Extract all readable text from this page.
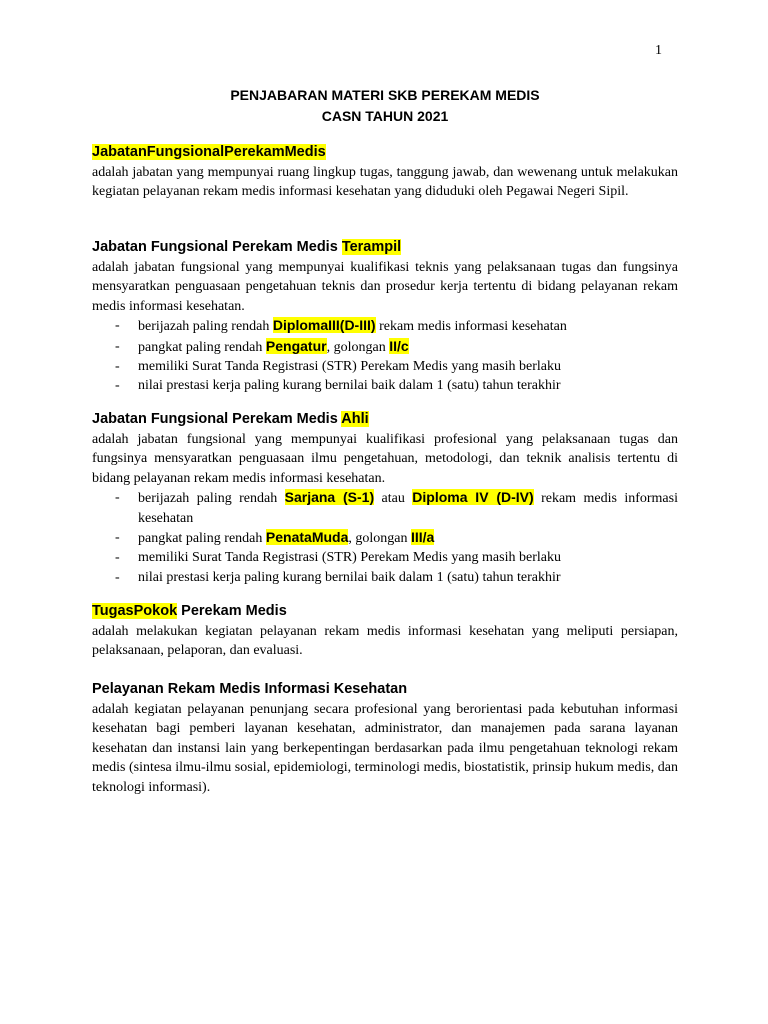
1
PENJABARAN MATERI SKB PEREKAM MEDIS
CASN TAHUN 2021

JabatanFungsionalPerekamMedis

adalah jabatan yang mempunyai ruang lingkup tugas, tanggung jawab, dan wewenang untuk melakukan kegiatan pelayanan rekam medis informasi kesehatan yang diduduki oleh Pegawai Negeri Sipil.

Jabatan Fungsional Perekam Medis Terampil

adalah jabatan fungsional yang mempunyai kualifikasi teknis yang pelaksanaan tugas dan fungsinya mensyaratkan penguasaan pengetahuan teknis dan prosedur kerja tertentu di bidang pelayanan rekam medis informasi kesehatan.

- berijazah paling rendah DiplomaIII(D-III) rekam medis informasi kesehatan
- pangkat paling rendah Pengatur, golongan II/c
- memiliki Surat Tanda Registrasi (STR) Perekam Medis yang masih berlaku
- nilai prestasi kerja paling kurang bernilai baik dalam 1 (satu) tahun terakhir

Jabatan Fungsional Perekam Medis Ahli

adalah jabatan fungsional yang mempunyai kualifikasi profesional yang pelaksanaan tugas dan fungsinya mensyaratkan penguasaan ilmu pengetahuan, metodologi, dan teknik analisis tertentu di bidang pelayanan rekam medis informasi kesehatan.

- berijazah paling rendah Sarjana (S-1) atau Diploma IV (D-IV) rekam medis informasi kesehatan
- pangkat paling rendah PenataMuda, golongan III/a
- memiliki Surat Tanda Registrasi (STR) Perekam Medis yang masih berlaku
- nilai prestasi kerja paling kurang bernilai baik dalam 1 (satu) tahun terakhir

TugasPokok Perekam Medis

adalah melakukan kegiatan pelayanan rekam medis informasi kesehatan yang meliputi persiapan, pelaksanaan, pelaporan, dan evaluasi.

Pelayanan Rekam Medis Informasi Kesehatan

adalah kegiatan pelayanan penunjang secara profesional yang berorientasi pada kebutuhan informasi kesehatan bagi pemberi layanan kesehatan, administrator, dan manajemen pada sarana layanan kesehatan dan instansi lain yang berkepentingan berdasarkan pada ilmu pengetahuan teknologi rekam medis (sintesa ilmu-ilmu sosial, epidemiologi, terminologi medis, biostatistik, prinsip hukum medis, dan teknologi informasi).
